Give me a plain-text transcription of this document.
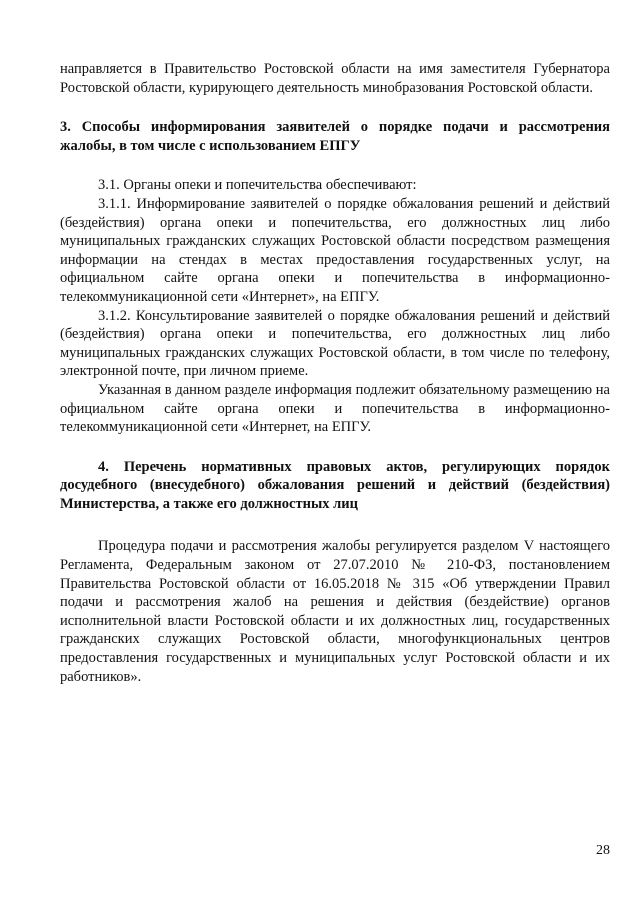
направляется в Правительство Ростовской области на имя заместителя Губернатора Ростовской области, курирующего деятельность минобразования Ростовской области.

3. Способы информирования заявителей о порядке подачи и рассмотрения жалобы, в том числе с использованием ЕПГУ

3.1. Органы опеки и попечительства обеспечивают:

3.1.1. Информирование заявителей о порядке обжалования решений и действий (бездействия) органа опеки и попечительства, его должностных лиц либо муниципальных гражданских служащих Ростовской области посредством размещения информации на стендах в местах предоставления государственных услуг, на официальном сайте органа опеки и попечительства в информационно-телекоммуникационной сети «Интернет», на ЕПГУ.

3.1.2. Консультирование заявителей о порядке обжалования решений и действий (бездействия) органа опеки и попечительства, его должностных лиц либо муниципальных гражданских служащих Ростовской области, в том числе по телефону, электронной почте, при личном приеме.

Указанная в данном разделе информация подлежит обязательному размещению на официальном сайте органа опеки и попечительства в информационно-телекоммуникационной сети «Интернет, на ЕПГУ.

4. Перечень нормативных правовых актов, регулирующих порядок досудебного (внесудебного) обжалования решений и действий (бездействия) Министерства, а также его должностных лиц

Процедура подачи и рассмотрения жалобы регулируется разделом V настоящего Регламента, Федеральным законом от 27.07.2010 № 210-ФЗ, постановлением Правительства Ростовской области от 16.05.2018 № 315 «Об утверждении Правил подачи и рассмотрения жалоб на решения и действия (бездействие) органов исполнительной власти Ростовской области и их должностных лиц, государственных гражданских служащих Ростовской области, многофункциональных центров предоставления государственных и муниципальных услуг Ростовской области и их работников».

28
